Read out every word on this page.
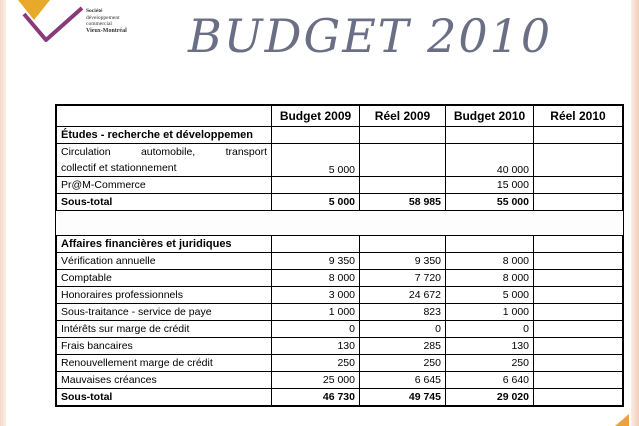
Société
développement
commercial
Vieux-Montréal	BUDGET 2010
	Budget 2009	Réel 2009	Budget 2010	Réel 2010
Études - recherche et développemen				

Circulation automobile, transport
collectif et stationnement	5 000		40 000	
Pr@M-Commerce			15 000	
Sous-total	5 000	58 985	55 000	

Affaires financières et juridiques				
Vérification annuelle	9 350	9 350	8 000	
Comptable	8 000	7 720	8 000	
Honoraires professionnels	3 000	24 672	5 000	
Sous-traitance - service de paye	1 000	823	1 000	
Intérêts sur marge de crédit	0	0	0	
Frais bancaires	130	285	130	
Renouvellement marge de crédit	250	250	250	
Mauvaises créances	25 000	6 645	6 640	
Sous-total	46 730	49 745	29 020	
